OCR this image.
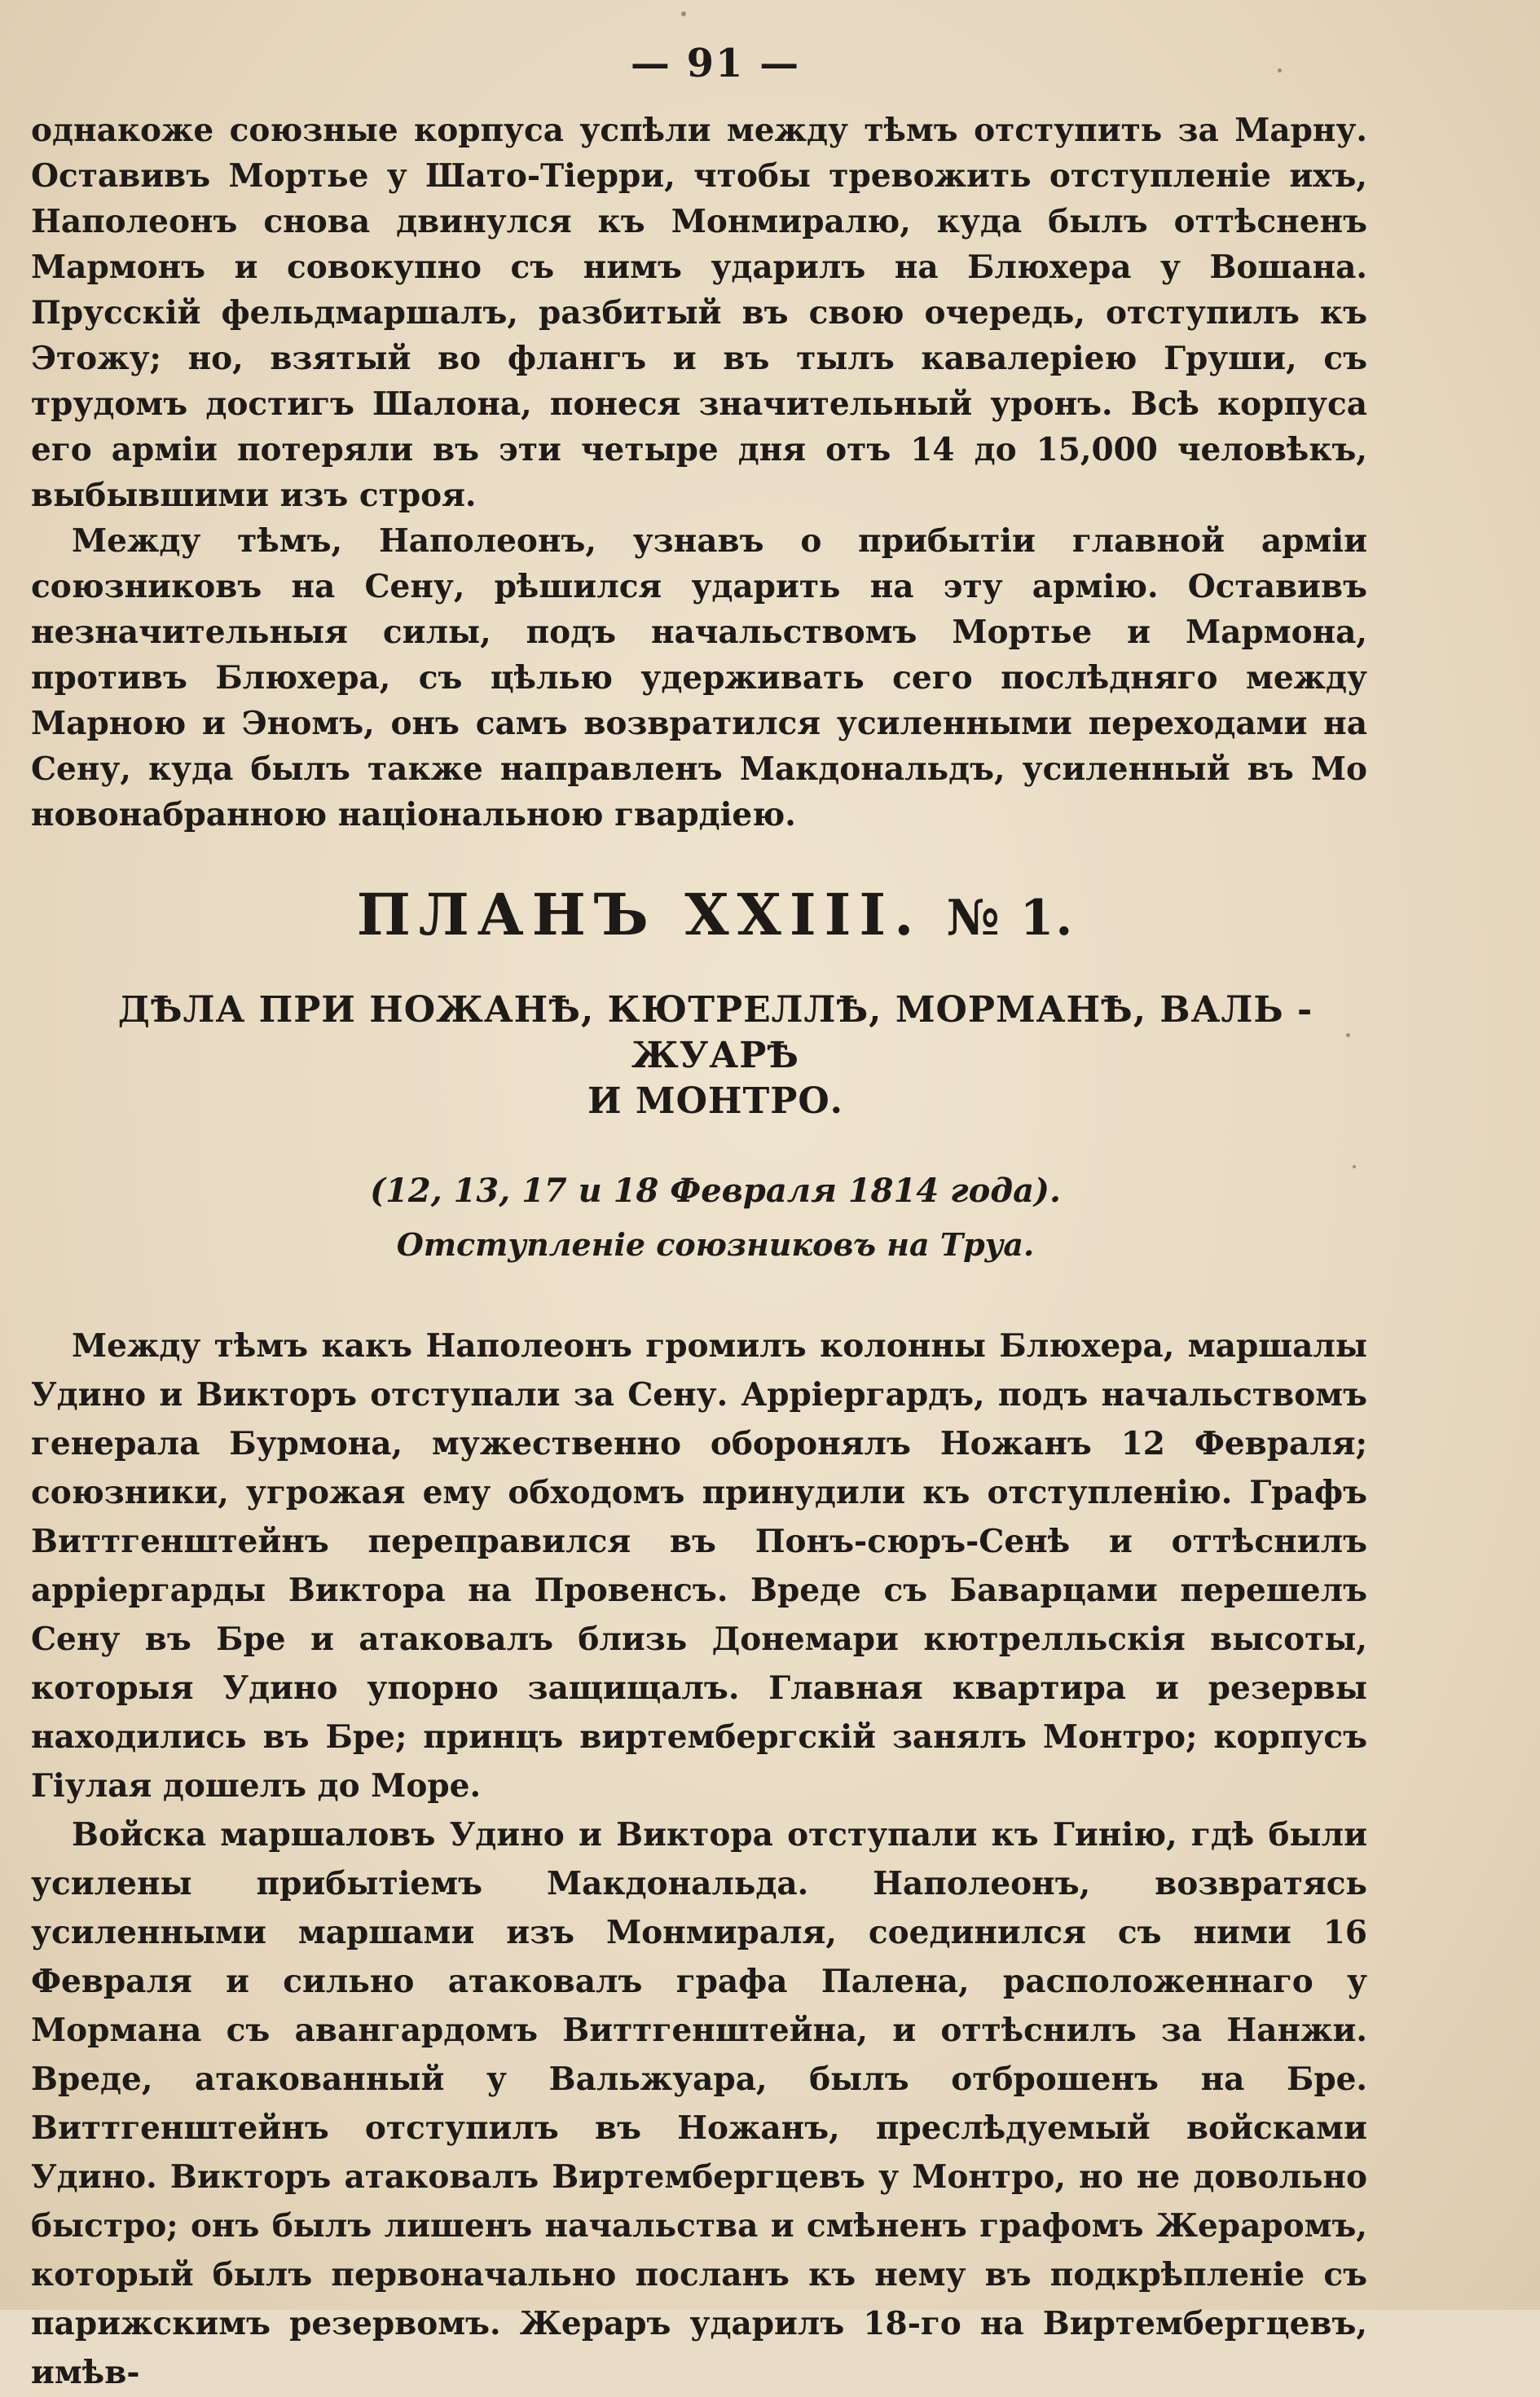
— 91 —

однакоже союзные корпуса успѣли между тѣмъ отступить за Марну. Оставивъ Мортье у Шато-Тіерри, чтобы тревожить отступленіе ихъ, Наполеонъ снова двинулся къ Монмиралю, куда былъ оттѣсненъ Мармонъ и совокупно съ нимъ ударилъ на Блюхера у Вошана. Прусскій фельдмаршалъ, разбитый въ свою очередь, отступилъ къ Этожу; но, взятый во флангъ и въ тылъ кавалеріею Груши, съ трудомъ достигъ Шалона, понеся значительный уронъ. Всѣ корпуса его арміи потеряли въ эти четыре дня отъ 14 до 15,000 человѣкъ, выбывшими изъ строя.

Между тѣмъ, Наполеонъ, узнавъ о прибытіи главной арміи союзниковъ на Сену, рѣшился ударить на эту армію. Оставивъ незначительныя силы, подъ начальствомъ Мортье и Мармона, противъ Блюхера, съ цѣлью удерживать сего послѣдняго между Марною и Эномъ, онъ самъ возвратился усиленными переходами на Сену, куда былъ также направленъ Макдональдъ, усиленный въ Мо новонабранною національною гвардіею.

ПЛАНЪ XXIII. № 1.
ДѢЛА ПРИ НОЖАНѢ, КЮТРЕЛЛѢ, МОРМАНѢ, ВАЛЬ - ЖУАРѢ
И МОНТРО.
(12, 13, 17 и 18 Февраля 1814 года).
Отступленіе союзниковъ на Труа.

Между тѣмъ какъ Наполеонъ громилъ колонны Блюхера, маршалы Удино и Викторъ отступали за Сену. Арріергардъ, подъ начальствомъ генерала Бурмона, мужественно оборонялъ Ножанъ 12 Февраля; союзники, угрожая ему обходомъ принудили къ отступленію. Графъ Виттгенштейнъ переправился въ Понъ-сюръ-Сенѣ и оттѣснилъ арріергарды Виктора на Провенсъ. Вреде съ Баварцами перешелъ Сену въ Бре и атаковалъ близь Донемари кютрелльскія высоты, которыя Удино упорно защищалъ. Главная квартира и резервы находились въ Бре; принцъ виртембергскій занялъ Монтро; корпусъ Гіулая дошелъ до Море.

Войска маршаловъ Удино и Виктора отступали къ Гинію, гдѣ были усилены прибытіемъ Макдональда. Наполеонъ, возвратясь усиленными маршами изъ Монмираля, соединился съ ними 16 Февраля и сильно атаковалъ графа Палена, расположеннаго у Мормана съ авангардомъ Виттгенштейна, и оттѣснилъ за Нанжи. Вреде, атакованный у Вальжуара, былъ отброшенъ на Бре. Виттгенштейнъ отступилъ въ Ножанъ, преслѣдуемый войсками Удино. Викторъ атаковалъ Виртембергцевъ у Монтро, но не довольно быстро; онъ былъ лишенъ начальства и смѣненъ графомъ Жераромъ, который былъ первоначально посланъ къ нему въ подкрѣпленіе съ парижскимъ резервомъ. Жераръ ударилъ 18-го на Виртембергцевъ, имѣв-
